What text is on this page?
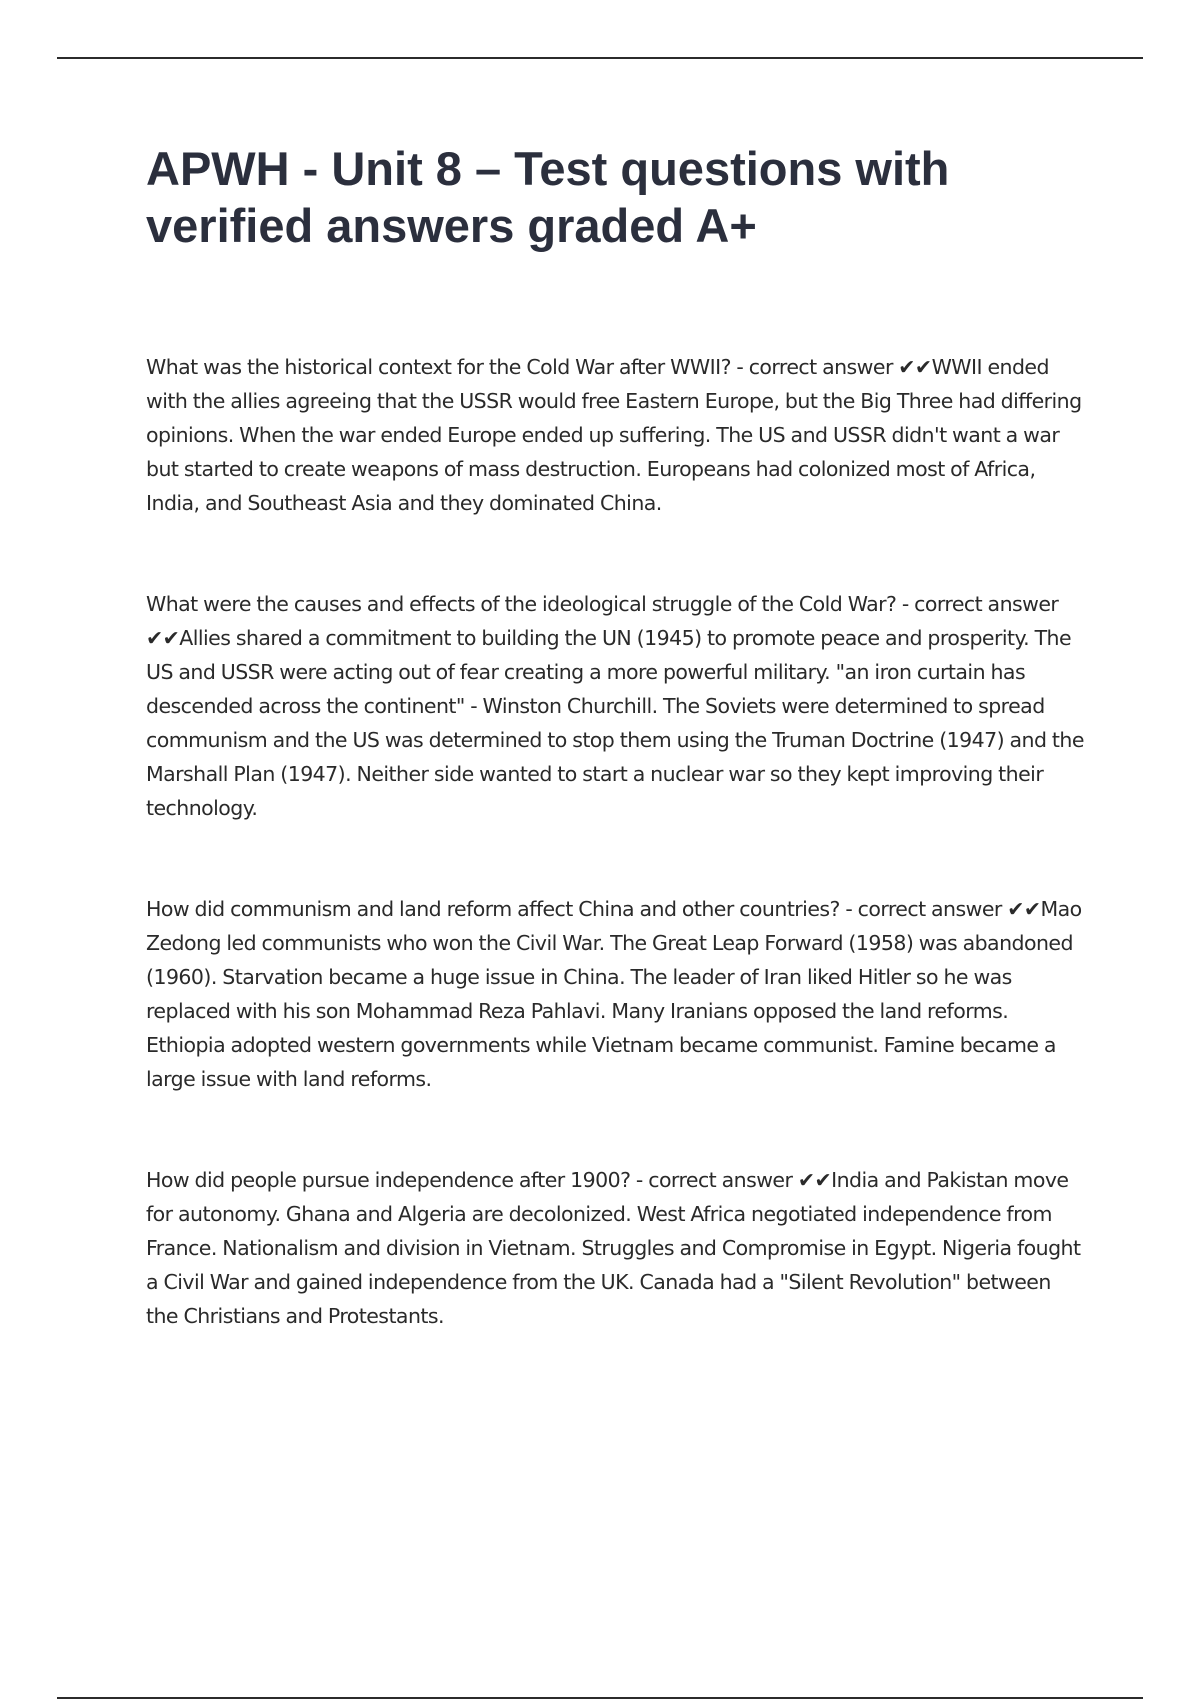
APWH - Unit 8 – Test questions with verified answers graded A+

What was the historical context for the Cold War after WWII? - correct answer ✔✔WWII ended with the allies agreeing that the USSR would free Eastern Europe, but the Big Three had differing opinions. When the war ended Europe ended up suffering. The US and USSR didn't want a war but started to create weapons of mass destruction. Europeans had colonized most of Africa, India, and Southeast Asia and they dominated China.

What were the causes and effects of the ideological struggle of the Cold War? - correct answer ✔✔Allies shared a commitment to building the UN (1945) to promote peace and prosperity. The US and USSR were acting out of fear creating a more powerful military. "an iron curtain has descended across the continent" - Winston Churchill. The Soviets were determined to spread communism and the US was determined to stop them using the Truman Doctrine (1947) and the Marshall Plan (1947). Neither side wanted to start a nuclear war so they kept improving their technology.

How did communism and land reform affect China and other countries? - correct answer ✔✔Mao Zedong led communists who won the Civil War. The Great Leap Forward (1958) was abandoned (1960). Starvation became a huge issue in China. The leader of Iran liked Hitler so he was replaced with his son Mohammad Reza Pahlavi. Many Iranians opposed the land reforms. Ethiopia adopted western governments while Vietnam became communist. Famine became a large issue with land reforms.

How did people pursue independence after 1900? - correct answer ✔✔India and Pakistan move for autonomy. Ghana and Algeria are decolonized. West Africa negotiated independence from France. Nationalism and division in Vietnam. Struggles and Compromise in Egypt. Nigeria fought a Civil War and gained independence from the UK. Canada had a "Silent Revolution" between the Christians and Protestants.
